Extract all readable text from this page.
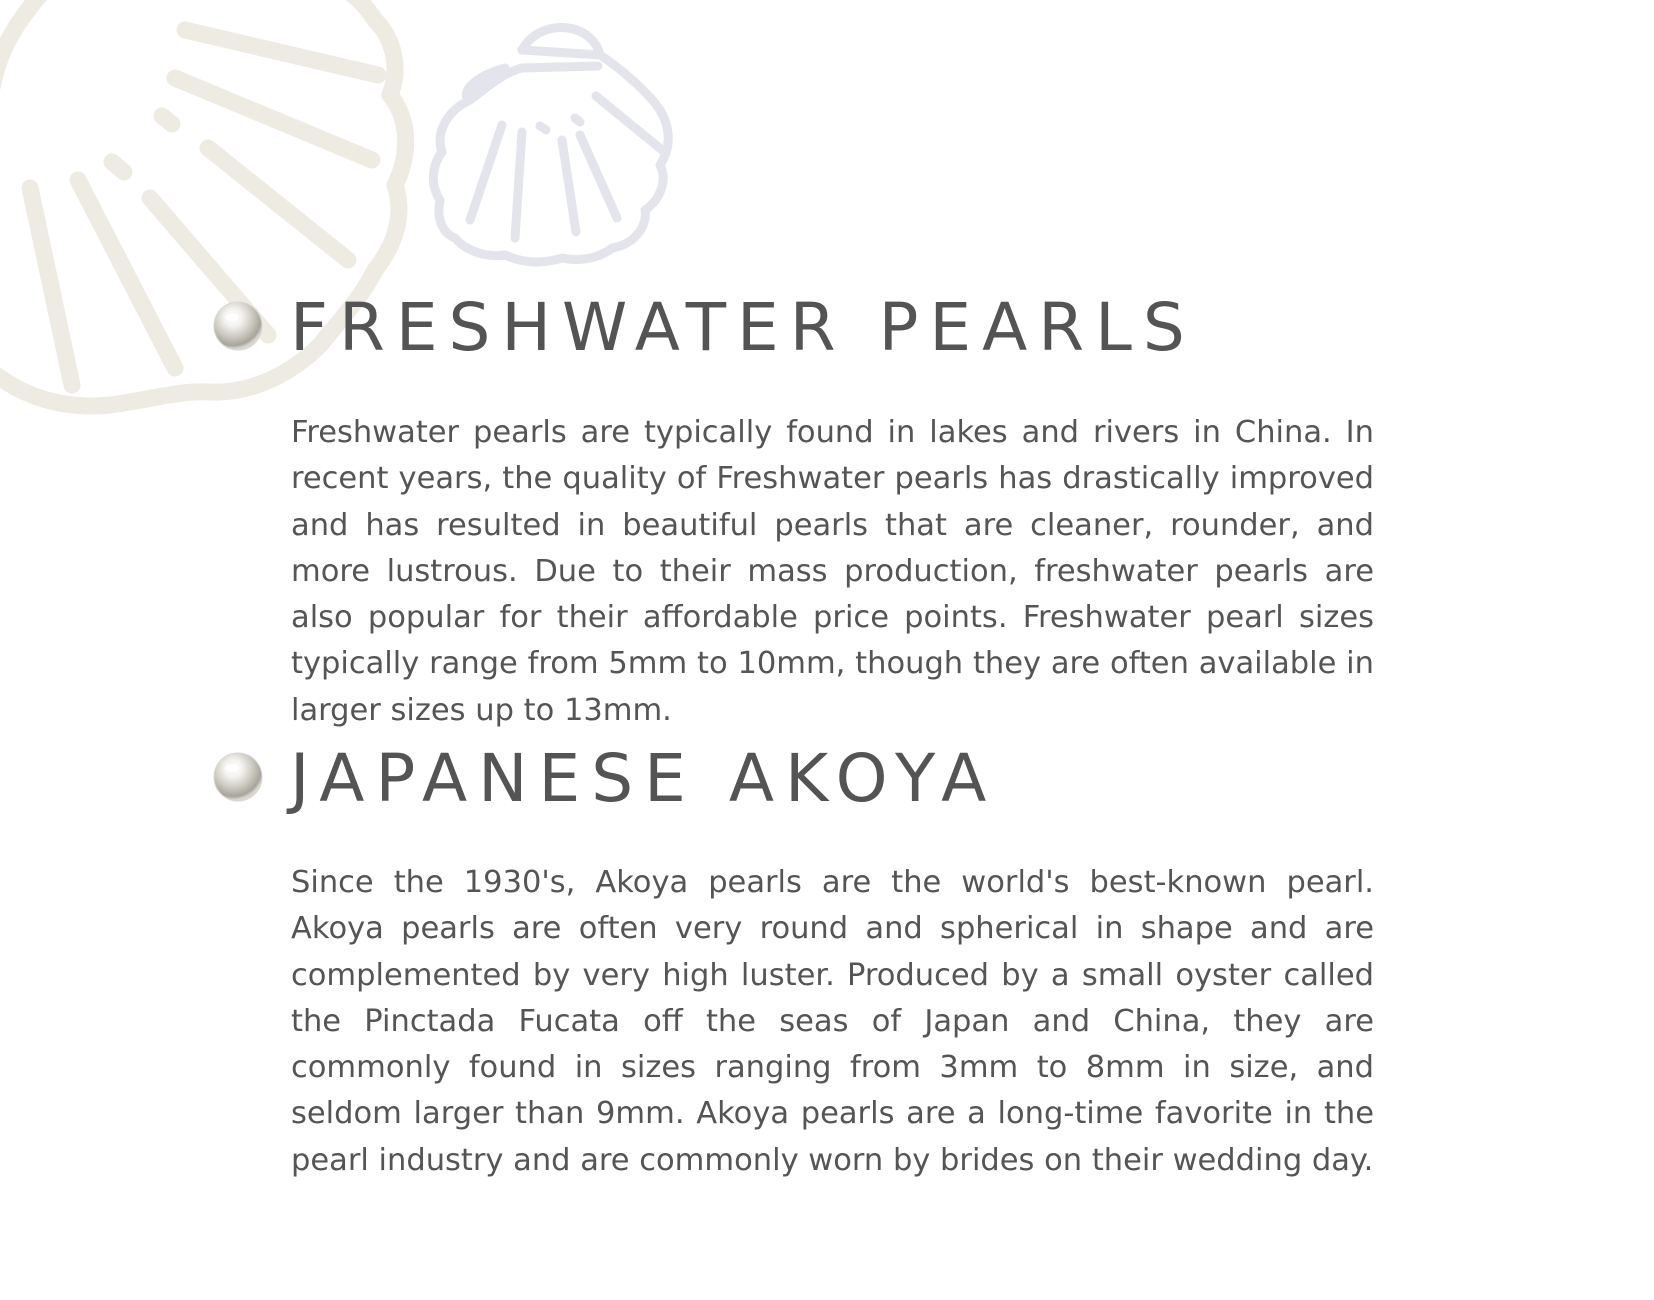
FRESHWATER PEARLS

Freshwater pearls are typically found in lakes and rivers in China. In recent years, the quality of Freshwater pearls has drastically improved and has resulted in beautiful pearls that are cleaner, rounder, and more lustrous. Due to their mass production, freshwater pearls are also popular for their affordable price points. Freshwater pearl sizes typically range from 5mm to 10mm, though they are often available in larger sizes up to 13mm.

JAPANESE AKOYA

Since the 1930's, Akoya pearls are the world's best-known pearl. Akoya pearls are often very round and spherical in shape and are complemented by very high luster. Produced by a small oyster called the Pinctada Fucata off the seas of Japan and China, they are commonly found in sizes ranging from 3mm to 8mm in size, and seldom larger than 9mm. Akoya pearls are a long-time favorite in the pearl industry and are commonly worn by brides on their wedding day.
